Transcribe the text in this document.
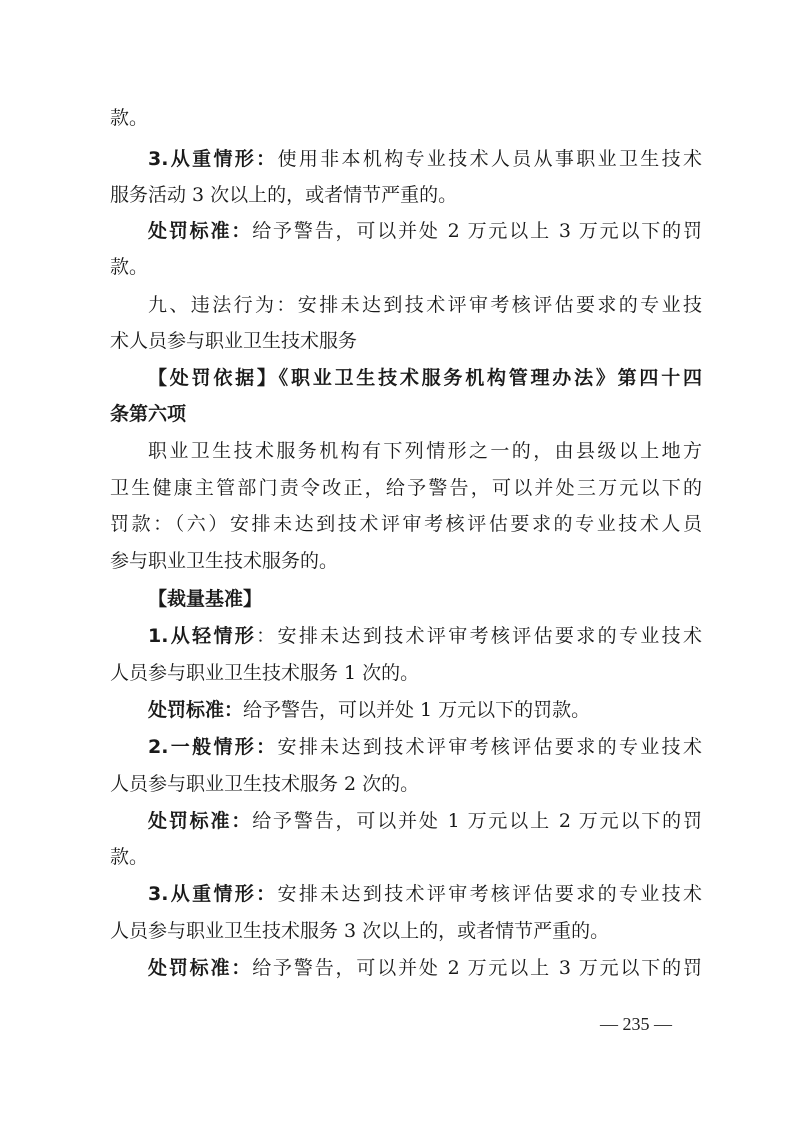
款。
3.从重情形：使用非本机构专业技术人员从事职业卫生技术
服务活动 3 次以上的，或者情节严重的。
处罚标准：给予警告，可以并处 2 万元以上 3 万元以下的罚
款。
九、违法行为：安排未达到技术评审考核评估要求的专业技
术人员参与职业卫生技术服务
【处罚依据】《职业卫生技术服务机构管理办法》第四十四
条第六项
职业卫生技术服务机构有下列情形之一的，由县级以上地方
卫生健康主管部门责令改正，给予警告，可以并处三万元以下的
罚款：（六）安排未达到技术评审考核评估要求的专业技术人员
参与职业卫生技术服务的。
【裁量基准】
1.从轻情形：安排未达到技术评审考核评估要求的专业技术
人员参与职业卫生技术服务 1 次的。
处罚标准：给予警告，可以并处 1 万元以下的罚款。
2.一般情形：安排未达到技术评审考核评估要求的专业技术
人员参与职业卫生技术服务 2 次的。
处罚标准：给予警告，可以并处 1 万元以上 2 万元以下的罚
款。
3.从重情形：安排未达到技术评审考核评估要求的专业技术
人员参与职业卫生技术服务 3 次以上的，或者情节严重的。
处罚标准：给予警告，可以并处 2 万元以上 3 万元以下的罚
— 235 —
